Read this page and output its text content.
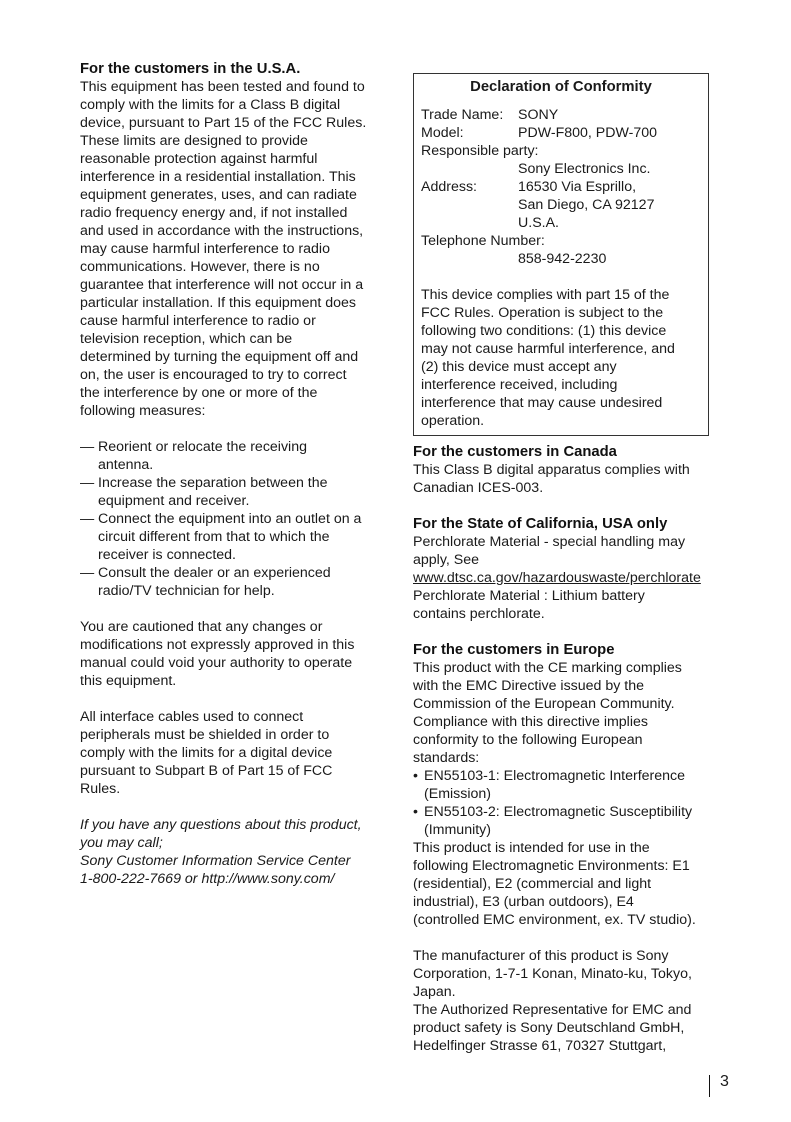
For the customers in the U.S.A.

This equipment has been tested and found to
comply with the limits for a Class B digital
device, pursuant to Part 15 of the FCC Rules.
These limits are designed to provide
reasonable protection against harmful
interference in a residential installation. This
equipment generates, uses, and can radiate
radio frequency energy and, if not installed
and used in accordance with the instructions,
may cause harmful interference to radio
communications. However, there is no
guarantee that interference will not occur in a
particular installation. If this equipment does
cause harmful interference to radio or
television reception, which can be
determined by turning the equipment off and
on, the user is encouraged to try to correct
the interference by one or more of the
following measures:

— Reorient or relocate the receiving
antenna.
— Increase the separation between the
equipment and receiver.
— Connect the equipment into an outlet on a
circuit different from that to which the
receiver is connected.
— Consult the dealer or an experienced
radio/TV technician for help.

You are cautioned that any changes or
modifications not expressly approved in this
manual could void your authority to operate
this equipment.

All interface cables used to connect
peripherals must be shielded in order to
comply with the limits for a digital device
pursuant to Subpart B of Part 15 of FCC
Rules.

If you have any questions about this product,
you may call;
Sony Customer Information Service Center
1-800-222-7669 or http://www.sony.com/

Declaration of Conformity
Trade Name:	SONY
Model:	PDW-F800, PDW-700
Responsible party:
Sony Electronics Inc.
Address:	16530 Via Esprillo,
San Diego, CA 92127
U.S.A.
Telephone Number:
858-942-2230

This device complies with part 15 of the
FCC Rules. Operation is subject to the
following two conditions: (1) this device
may not cause harmful interference, and
(2) this device must accept any
interference received, including
interference that may cause undesired
operation.

For the customers in Canada
This Class B digital apparatus complies with
Canadian ICES-003.
For the State of California, USA only
Perchlorate Material - special handling may
apply, See
www.dtsc.ca.gov/hazardouswaste/perchlorate
Perchlorate Material : Lithium battery
contains perchlorate.
For the customers in Europe
This product with the CE marking complies
with the EMC Directive issued by the
Commission of the European Community.
Compliance with this directive implies
conformity to the following European
standards:
• EN55103-1: Electromagnetic Interference
(Emission)
• EN55103-2: Electromagnetic Susceptibility
(Immunity)
This product is intended for use in the
following Electromagnetic Environments: E1
(residential), E2 (commercial and light
industrial), E3 (urban outdoors), E4
(controlled EMC environment, ex. TV studio).
The manufacturer of this product is Sony
Corporation, 1-7-1 Konan, Minato-ku, Tokyo,
Japan.
The Authorized Representative for EMC and
product safety is Sony Deutschland GmbH,
Hedelfinger Strasse 61, 70327 Stuttgart,
3
